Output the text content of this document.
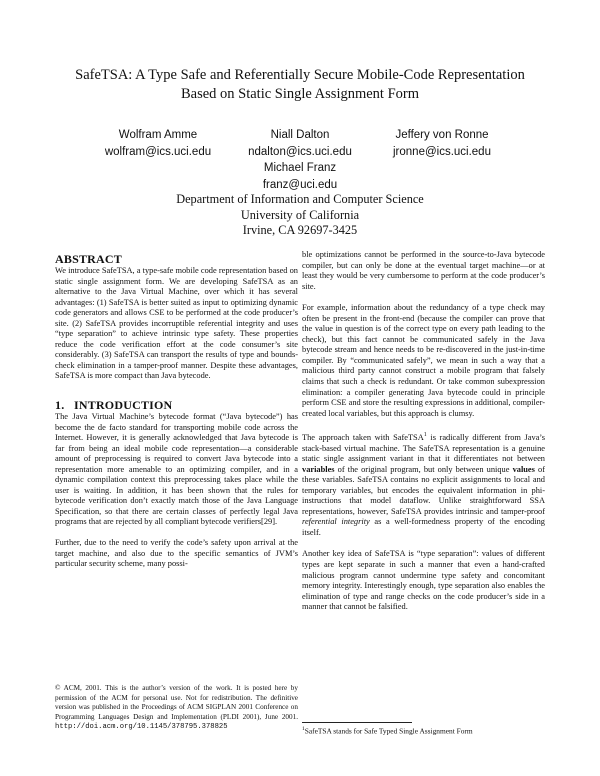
SafeTSA: A Type Safe and Referentially Secure Mobile-Code Representation
Based on Static Single Assignment Form
Wolfram Amme
wolfram@ics.uci.edu
Niall Dalton
ndalton@ics.uci.edu
Jeffery von Ronne
jronne@ics.uci.edu
Michael Franz
franz@uci.edu
Department of Information and Computer Science
University of California
Irvine, CA 92697-3425
ABSTRACT

We introduce SafeTSA, a type-safe mobile code representation based on static single assignment form. We are developing SafeTSA as an alternative to the Java Virtual Machine, over which it has several advantages: (1) SafeTSA is better suited as input to optimizing dynamic code generators and allows CSE to be performed at the code producer’s site. (2) SafeTSA provides incorruptible referential integrity and uses “type separation” to achieve intrinsic type safety. These properties reduce the code verification effort at the code consumer’s site considerably. (3) SafeTSA can transport the results of type and bounds-check elimination in a tamper-proof manner. Despite these advantages, SafeTSA is more compact than Java bytecode.

1.   INTRODUCTION

The Java Virtual Machine’s bytecode format (“Java bytecode”) has become the de facto standard for transporting mobile code across the Internet. However, it is generally acknowledged that Java bytecode is far from being an ideal mobile code representation—a considerable amount of preprocessing is required to convert Java bytecode into a representation more amenable to an optimizing compiler, and in a dynamic compilation context this preprocessing takes place while the user is waiting. In addition, it has been shown that the rules for bytecode verification don’t exactly match those of the Java Language Specification, so that there are certain classes of perfectly legal Java programs that are rejected by all compliant bytecode verifiers[29].

Further, due to the need to verify the code’s safety upon arrival at the target machine, and also due to the specific semantics of JVM’s particular security scheme, many possi-

© ACM, 2001. This is the author’s version of the work. It is posted here by permission of the ACM for personal use. Not for redistribution. The definitive version was published in the Proceedings of ACM SIGPLAN 2001 Conference on Programming Languages Design and Implementation (PLDI 2001), June 2001. http://doi.acm.org/10.1145/378795.378825

ble optimizations cannot be performed in the source-to-Java bytecode compiler, but can only be done at the eventual target machine—or at least they would be very cumbersome to perform at the code producer’s site.

For example, information about the redundancy of a type check may often be present in the front-end (because the compiler can prove that the value in question is of the correct type on every path leading to the check), but this fact cannot be communicated safely in the Java bytecode stream and hence needs to be re-discovered in the just-in-time compiler. By “communicated safely”, we mean in such a way that a malicious third party cannot construct a mobile program that falsely claims that such a check is redundant. Or take common subexpression elimination: a compiler generating Java bytecode could in principle perform CSE and store the resulting expressions in additional, compiler-created local variables, but this approach is clumsy.

The approach taken with SafeTSA$^1$ is radically different from Java’s stack-based virtual machine. The SafeTSA representation is a genuine static single assignment variant in that it differentiates not between variables of the original program, but only between unique values of these variables. SafeTSA contains no explicit assignments to local and temporary variables, but encodes the equivalent information in phi-instructions that model dataflow. Unlike straightforward SSA representations, however, SafeTSA provides intrinsic and tamper-proof referential integrity as a well-formedness property of the encoding itself.

Another key idea of SafeTSA is “type separation”: values of different types are kept separate in such a manner that even a hand-crafted malicious program cannot undermine type safety and concomitant memory integrity. Interestingly enough, type separation also enables the elimination of type and range checks on the code producer’s side in a manner that cannot be falsified.

$^1$SafeTSA stands for Safe Typed Single Assignment Form
